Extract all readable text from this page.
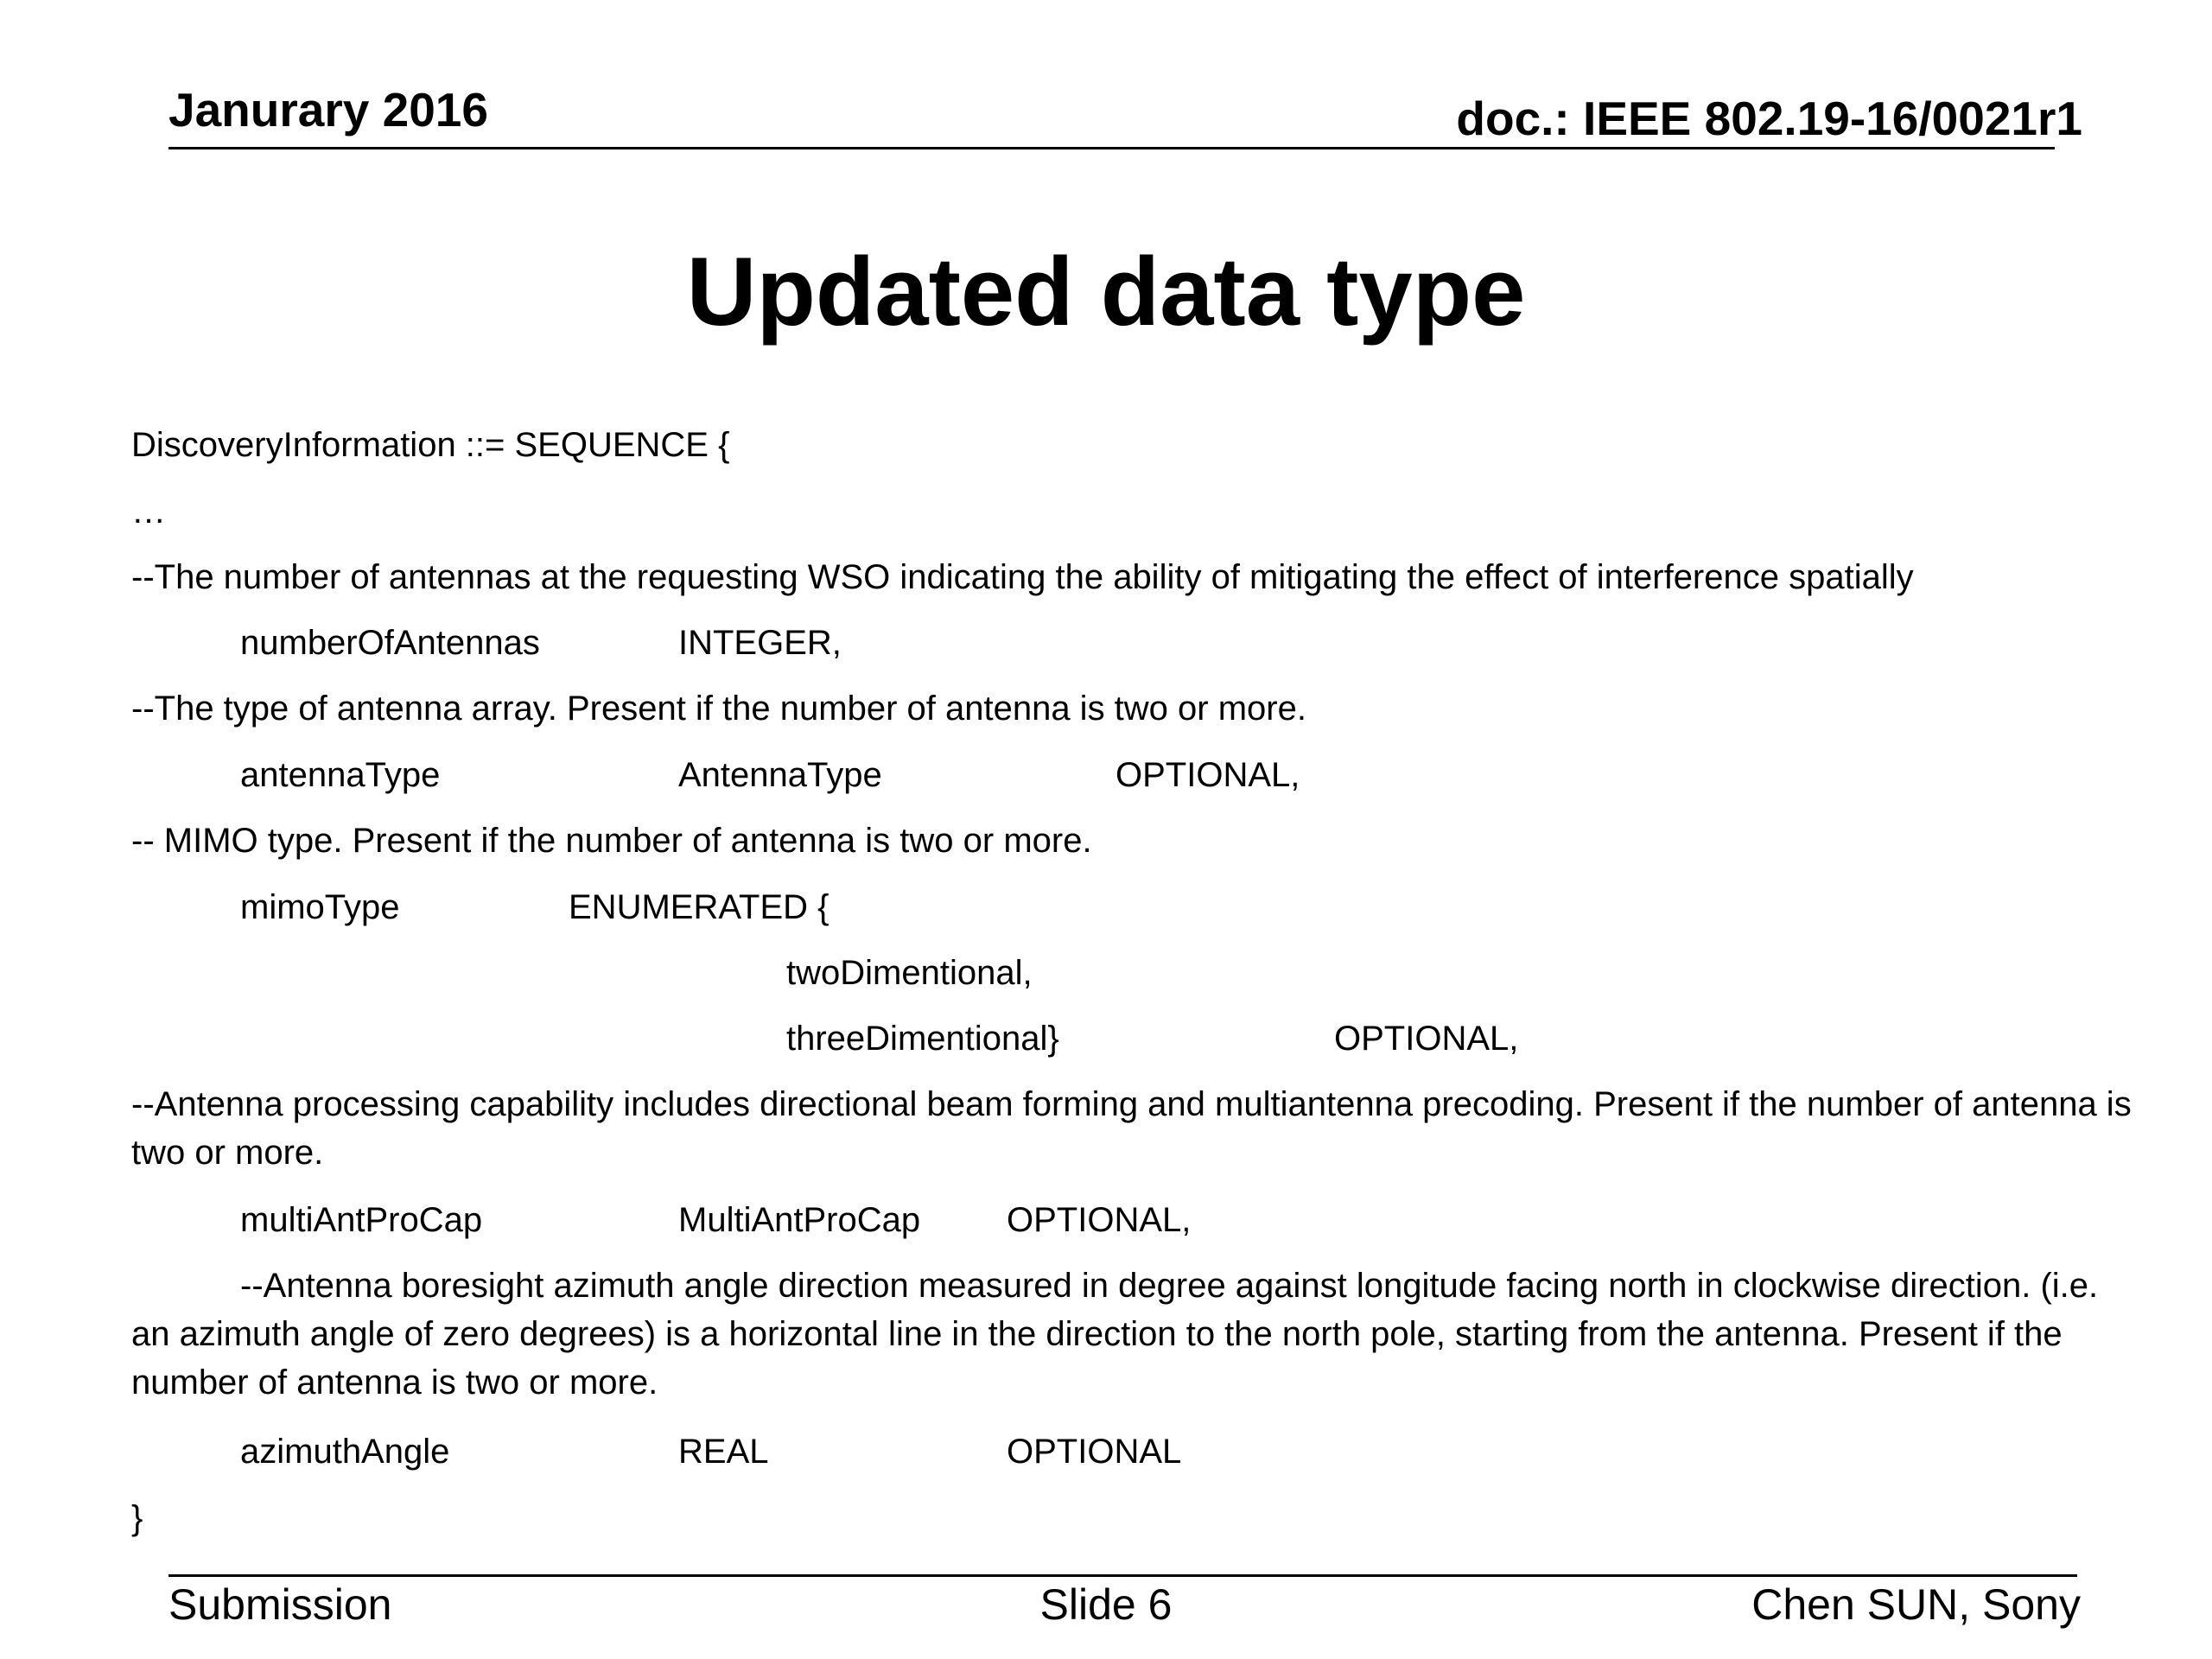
Janurary 2016	doc.: IEEE 802.19-16/0021r1
Updated data type
DiscoveryInformation ::= SEQUENCE {
…
--The number of antennas at the requesting WSO indicating the ability of mitigating the effect of interference spatially
numberOfAntennas	INTEGER,
--The type of antenna array. Present if the number of antenna is two or more.
antennaType	AntennaType	OPTIONAL,
-- MIMO type. Present if the number of antenna is two or more.
mimoType	ENUMERATED {
twoDimentional,
threeDimentional}	OPTIONAL,
--Antenna processing capability includes directional beam forming and multiantenna precoding. Present if the number of antenna is two or more.
multiAntProCap	MultiAntProCap OPTIONAL,
--Antenna boresight azimuth angle direction measured in degree against longitude facing north in clockwise direction. (i.e. an azimuth angle of zero degrees) is a horizontal line in the direction to the north pole, starting from the antenna. Present if the number of antenna is two or more.
azimuthAngle	REAL	OPTIONAL
}
Submission	Slide 6	Chen SUN, Sony
